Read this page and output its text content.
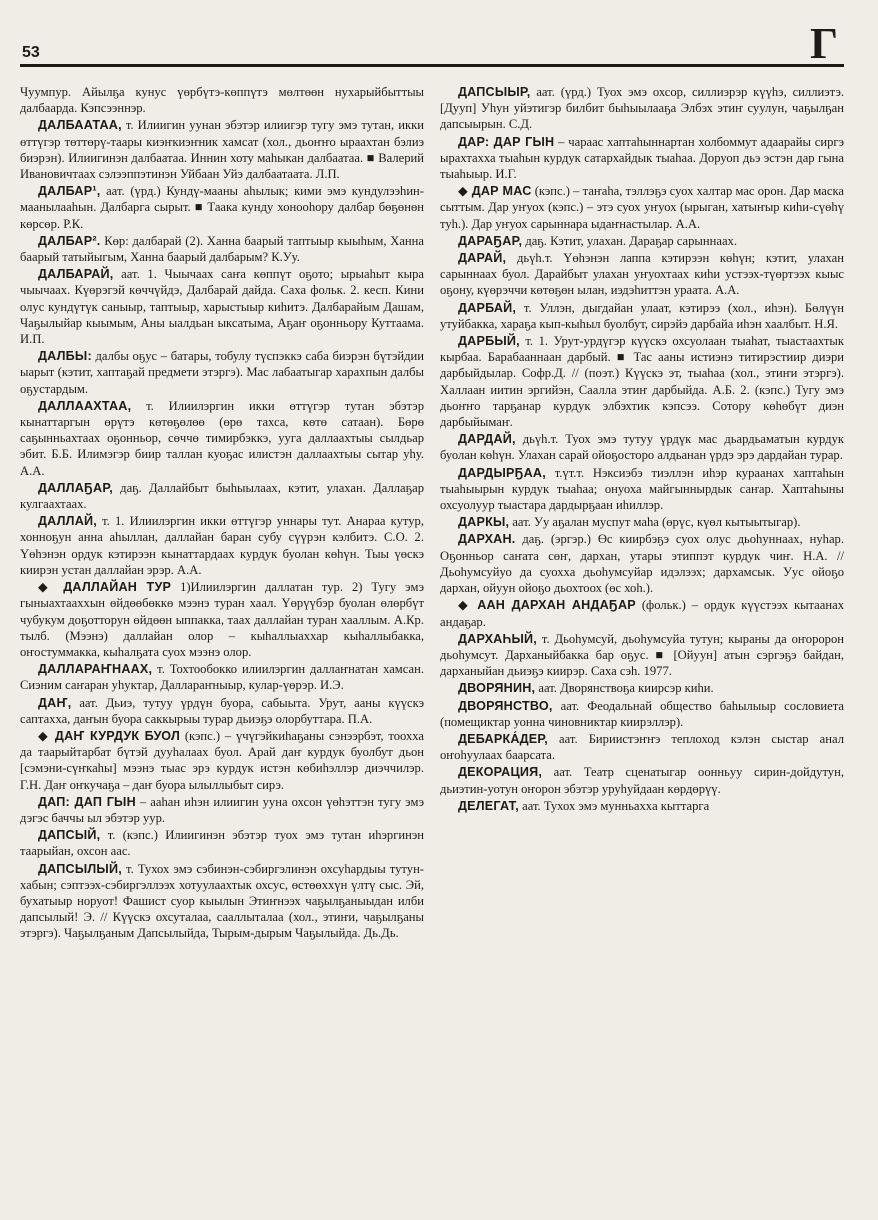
53	Г

Чуумпур. Айылҕа кунус үөрбүтэ-көппүтэ мөлтөөн нухарыйбыттыы далбаарда. Кэпсээннэр.

ДАЛБААТАА, т. Илиигин уунан эбэтэр илиигэр тугу эмэ тутан, икки өттүгэр төттөрү-таары киэҥкиэҥник хамсат (хол., дьоҥҥо ыраахтан бэлиэ биэрэн). Илиигинэн далбаатаа. Иннин хоту маһыкан далбаатаа. ■ Валерий Ивановичтаах сэлээппэтинэн Уйбаан Уйэ далбаатаата. Л.П.

ДАЛБАР¹, аат. (үрд.) Кундү-мааны аһылык; кими эмэ кундулээһин-маанылааһын. Далбарга сырыт. ■ Таака кунду хонооһору далбар бөҕөнөн көрсөр. Р.К.

ДАЛБАР². Көр: далбарай (2). Ханна баарый таптыыр кыыһым, Ханна баарый татыйыгым, Ханна баарый далбарым? К.Уу.

ДАЛБАРАЙ, аат. 1. Чыычаах саҥа көппүт оҕото; ырыаһыт кыра чыычаах. Күөрэгэй көччүйдэ, Далбарай дайда. Саха фольк. 2. кесп. Кини олус кундүтүк саныыр, таптыыр, харыстыыр киһитэ. Далбарайым Дашам, Чаҕылыйар кыымым, Аны ыалдьан ыксатыма, Аҕаҥ оҕонньору Куттаама. И.П.

ДАЛБЫ: далбы оҕус – батары, тобулу түспэккэ саба биэрэн бүтэйдии ыарыт (кэтит, хаптаҕай предмети этэргэ). Мас лабаатыгар харахпын далбы оҕустардым.

ДАЛЛААХТАА, т. Илиилэргин икки өттүгэр тутан эбэтэр кынаттаргын өрүтэ көтөҕөлөө (өрө тахса, көтө сатаан). Бөрө саҕынньахтаах оҕонньор, сөччө тимирбэккэ, ууга даллаахтыы сылдьар эбит. Б.Б. Илимэгэр биир таллан куоҕас илистэн даллаахтыы сытар уһу. А.А.

ДАЛЛАҔАР, даҕ. Даллайбыт быһыылаах, кэтит, улахан. Даллаҕар кулгаахтаах.

ДАЛЛАЙ, т. 1. Илиилэргин икки өттүгэр уннары тут. Анараа кутур, хонноҕун анна аһыллан, даллайан баран субу сүүрэн кэлбитэ. С.О. 2. Үөһэнэн ордук кэтирээн кынаттардаах курдук буолан көһүн. Тыы үөскэ киирэн устан даллайан эрэр. А.А.

◆ ДАЛЛАЙАН ТУР 1)Илиилэргин даллатан тур. 2) Тугу эмэ гыныахтааххын өйдөөбөккө мээнэ туран хаал. Үөрүүбэр буолан өлөрбүт чубукум доҕотторун өйдөөн ыппакка, таах даллайан туран хааллым. А.Кр. тылб. (Мээнэ) даллайан олор – кыһаллыаххар кыһаллыбакка, оҥостуммакка, кыһалҕата суох мээнэ олор.

ДАЛЛАРАҤНААХ, т. Тохтообокко илиилэргин даллаҥнатан хамсан. Сиэним саҥаран уһуктар, Даллараҥныыр, кулар-үөрэр. И.Э.

ДАҤ, аат. Дьиэ, тутуу үрдүн буора, сабыыта. Урут, ааны күүскэ саптахха, даҥын буора саккырыы турар дьиэҕэ олорбуттара. П.А.

◆ ДАҤ КУРДУК БУОЛ (кэпс.) – үчүгэйкиһаҕаны сэнээрбэт, тоохха да таарыйтарбат бүтэй дууһалаах буол. Арай даҥ курдук буолбут дьон [сэмэни-сүҥкаһы] мээнэ тыас эрэ курдук истэн көбиһэллэр диэччилэр. Г.Н. Даҥ оҥкучаҕа – даҥ буора ылыллыбыт сирэ.

ДАП: ДАП ГЫН – ааһан иһэн илиигин ууна охсон үөһэттэн тугу эмэ дэгэс баччы ыл эбэтэр уур.

ДАПСЫЙ, т. (кэпс.) Илиигинэн эбэтэр туох эмэ тутан иһэргинэн таарыйан, охсон аас.

ДАПСЫЛЫЙ, т. Тухох эмэ сэбинэн-сэбиргэлинэн охсуһардыы тутун-хабын; сэптээх-сэбиргэллээх хотуулаахтык охсус, өстөөххүн үлтү сыс. Эй, бухатыыр норуот! Фашист суор кыылын Этиҥнээх чаҕылҕаныыдан илби дапсылый! Э. // Күүскэ охсуталаа, сааллыталаа (хол., этиҥи, чаҕылҕаны этэргэ). Чаҕылҕаным Дапсылыйда, Тырым-дырым Чаҕылыйда. Дь.Дь.

ДАПСЫЫР, аат. (үрд.) Туох эмэ охсор, силлиэрэр күүһэ, силлиэтэ. [Дууп] Уһун уйэтигэр билбит быһыылааҕа Элбэх этиҥ суулун, чаҕылҕан дапсыырын. С.Д.

ДАР: ДАР ГЫН – чараас хаптаһыннартан холбоммут адаарайы сиргэ ырахтахха тыаһын курдук сатархайдык тыаһаа. Доруоп дьэ эстэн дар гына тыаһыыр. И.Г.

◆ ДАР МАС (кэпс.) – таҥаһа, тэллэҕэ суох халтар мас орон. Дар маска сыттым. Дар уҥуох (кэпс.) – этэ суох уҥуох (ырыган, хатыҥыр киһи-сүөһү туһ.). Дар уҥуох сарыннара ыдаҥнастылар. А.А.

ДАРАҔАР, даҕ. Кэтит, улахан. Дараҕар сарыннаах.

ДАРАЙ, дьүһ.т. Үөһэнэн лаппа кэтирээн көһүн; кэтит, улахан сарыннаах буол. Дарайбыт улахан уҥуохтаах киһи устээх-түөртээх кыыс оҕону, күөрэччи көтөҕөн ылан, иэдэһиттэн ураата. А.А.

ДАРБАЙ, т. Уллэн, дыгдайан улаат, кэтирээ (хол., иһэн). Бөлүүн утуйбакка, хараҕа кып-кыһыл буолбут, сирэйэ дарбайа иһэн хаалбыт. Н.Я.

ДАРБЫЙ, т. 1. Урут-урдүгэр күүскэ охсуолаан тыаһат, тыастаахтык кырбаа. Барабааннаан дарбый. ■ Тас ааны истиэнэ титирэстиир диэри дарбыйдылар. Софр.Д. // (поэт.) Күүскэ эт, тыаһаа (хол., этиҥи этэргэ). Халлаан иитин эргийэн, Саалла этиҥ дарбыйда. А.Б. 2. (кэпс.) Тугу эмэ дьоҥҥо тарҕанар курдук элбэхтик кэпсээ. Сотору көһөбүт диэн дарбыйымаҥ.

ДАРДАЙ, дьүһ.т. Туох эмэ тутуу үрдүк мас дьардьаматын курдук буолан көһүн. Улахан сарай ойоҕосторо алдьанан үрдэ эрэ дардайан турар.

ДАРДЫРҔАА, т.үт.т. Нэксиэбэ тиэллэн иһэр кураанах хаптаһын тыаһыырын курдук тыаһаа; онуоха майгыннырдык саҥар. Хаптаһыны охсуолуур тыастара дардырҕаан иһиллэр.

ДАРКЫ, аат. Уу аҕалан муспут маһа (өрүс, күөл кытыытыгар).

ДАРХАН. даҕ. (эргэр.) Өс киирбэҕэ суох олус дьоһуннаах, нуһар. Оҕонньор саҥата сөҥ, дархан, утары этиппэт курдук чиҥ. Н.А. // Дьоһумсуйуо да суохха дьоһумсуйар идэлээх; дархамсык. Уус ойоҕо дархан, ойуун ойоҕо дьохтоох (өс хоһ.).

◆ ААН ДАРХАН АНДАҔАР (фольк.) – ордук күүстээх кытаанах андаҕар.

ДАРХАҺЫЙ, т. Дьоһумсуй, дьоһумсуйа тутун; кыраны да оҥоророн дьоһумсут. Дарханыйбакка бар оҕус. ■ [Ойуун] атын сэргэҕэ байдан, дарханыйан дьиэҕэ киирэр. Саха сэһ. 1977.

ДВОРЯНИН, аат. Дворянствоҕа киирсэр киһи.

ДВОРЯНСТВО, аат. Феодальнай общество баһылыыр сословиета (помещиктар уонна чиновниктар киирэллэр).

ДЕБАРКА́ДЕР, аат. Бириистэҥҥэ теплоход кэлэн сыстар анал оҥоһуулаах баарсата.

ДЕКОРАЦИЯ, аат. Театр сценатыгар оонньуу сирин-дойдутун, дьиэтин-уотун оҥорон эбэтэр уруһуйдаан көрдөрүү.

ДЕЛЕГАТ, аат. Тухох эмэ мунньаххa кыттарга
